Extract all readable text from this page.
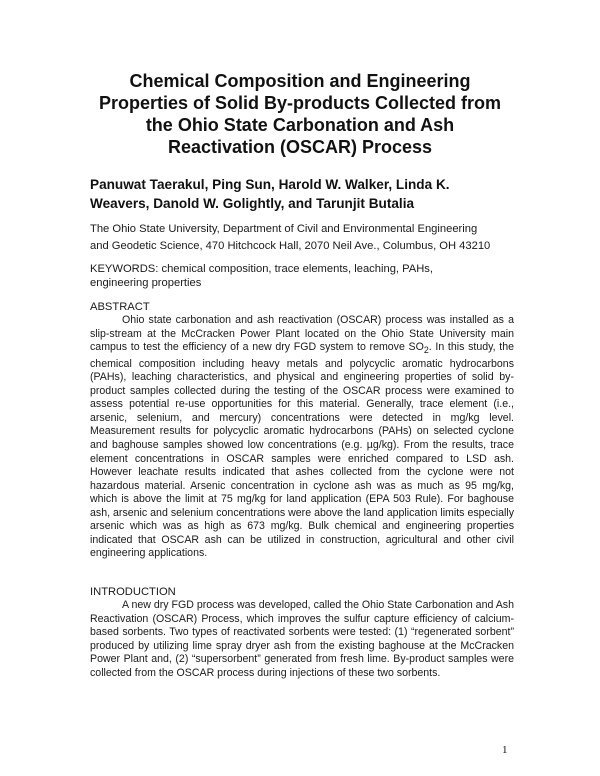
Chemical Composition and Engineering Properties of Solid By-products Collected from the Ohio State Carbonation and Ash Reactivation (OSCAR) Process
Panuwat Taerakul, Ping Sun, Harold W. Walker, Linda K.
Weavers, Danold W. Golightly, and Tarunjit Butalia
The Ohio State University, Department of Civil and Environmental Engineering
and Geodetic Science, 470 Hitchcock Hall, 2070 Neil Ave., Columbus, OH 43210
KEYWORDS: chemical composition, trace elements, leaching, PAHs,
engineering properties
ABSTRACT
Ohio state carbonation and ash reactivation (OSCAR) process was installed as a slip-stream at the McCracken Power Plant located on the Ohio State University main campus to test the efficiency of a new dry FGD system to remove $SO_2$. In this study, the chemical composition including heavy metals and polycyclic aromatic hydrocarbons (PAHs), leaching characteristics, and physical and engineering properties of solid by-product samples collected during the testing of the OSCAR process were examined to assess potential re-use opportunities for this material. Generally, trace element (i.e., arsenic, selenium, and mercury) concentrations were detected in mg/kg level. Measurement results for polycyclic aromatic hydrocarbons (PAHs) on selected cyclone and baghouse samples showed low concentrations (e.g. µg/kg). From the results, trace element concentrations in OSCAR samples were enriched compared to LSD ash. However leachate results indicated that ashes collected from the cyclone were not hazardous material. Arsenic concentration in cyclone ash was as much as 95 mg/kg, which is above the limit at 75 mg/kg for land application (EPA 503 Rule). For baghouse ash, arsenic and selenium concentrations were above the land application limits especially arsenic which was as high as 673 mg/kg. Bulk chemical and engineering properties indicated that OSCAR ash can be utilized in construction, agricultural and other civil engineering applications.
INTRODUCTION
A new dry FGD process was developed, called the Ohio State Carbonation and Ash Reactivation (OSCAR) Process, which improves the sulfur capture efficiency of calcium-based sorbents. Two types of reactivated sorbents were tested: (1) “regenerated sorbent” produced by utilizing lime spray dryer ash from the existing baghouse at the McCracken Power Plant and, (2) “supersorbent” generated from fresh lime. By-product samples were collected from the OSCAR process during injections of these two sorbents.
1
